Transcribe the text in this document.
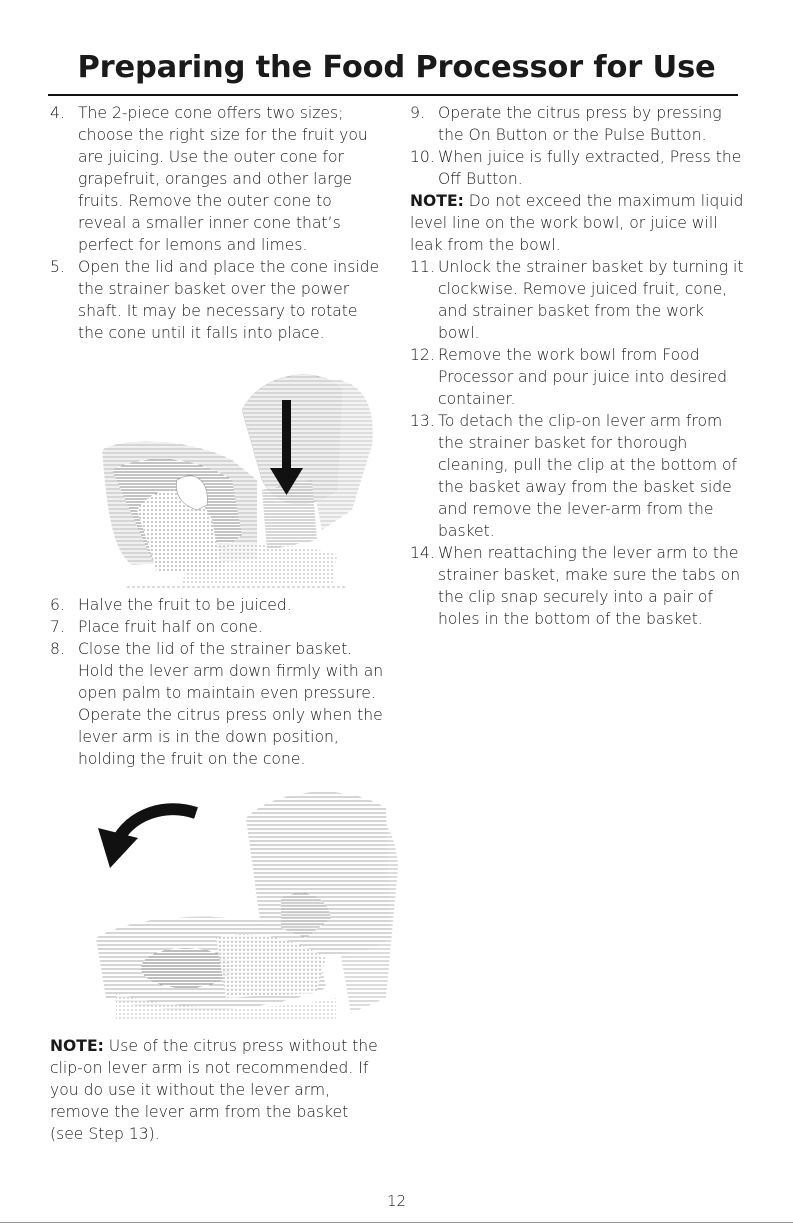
Preparing the Food Processor for Use

4. The 2-piece cone offers two sizes; choose the right size for the fruit you are juicing. Use the outer cone for grapefruit, oranges and other large fruits. Remove the outer cone to reveal a smaller inner cone that’s perfect for lemons and limes.

5. Open the lid and place the cone inside the strainer basket over the power shaft. It may be necessary to rotate the cone until it falls into place.

6. Halve the fruit to be juiced.

7. Place fruit half on cone.

8. Close the lid of the strainer basket. Hold the lever arm down firmly with an open palm to maintain even pressure. Operate the citrus press only when the lever arm is in the down position, holding the fruit on the cone.

NOTE: Use of the citrus press without the clip-on lever arm is not recommended. If you do use it without the lever arm, remove the lever arm from the basket (see Step 13).

9. Operate the citrus press by pressing the On Button or the Pulse Button.

10. When juice is fully extracted, Press the Off Button.

NOTE: Do not exceed the maximum liquid level line on the work bowl, or juice will leak from the bowl.

11. Unlock the strainer basket by turning it clockwise. Remove juiced fruit, cone, and strainer basket from the work bowl.

12. Remove the work bowl from Food Processor and pour juice into desired container.

13. To detach the clip-on lever arm from the strainer basket for thorough cleaning, pull the clip at the bottom of the basket away from the basket side and remove the lever-arm from the basket.

14. When reattaching the lever arm to the strainer basket, make sure the tabs on the clip snap securely into a pair of holes in the bottom of the basket.

12
